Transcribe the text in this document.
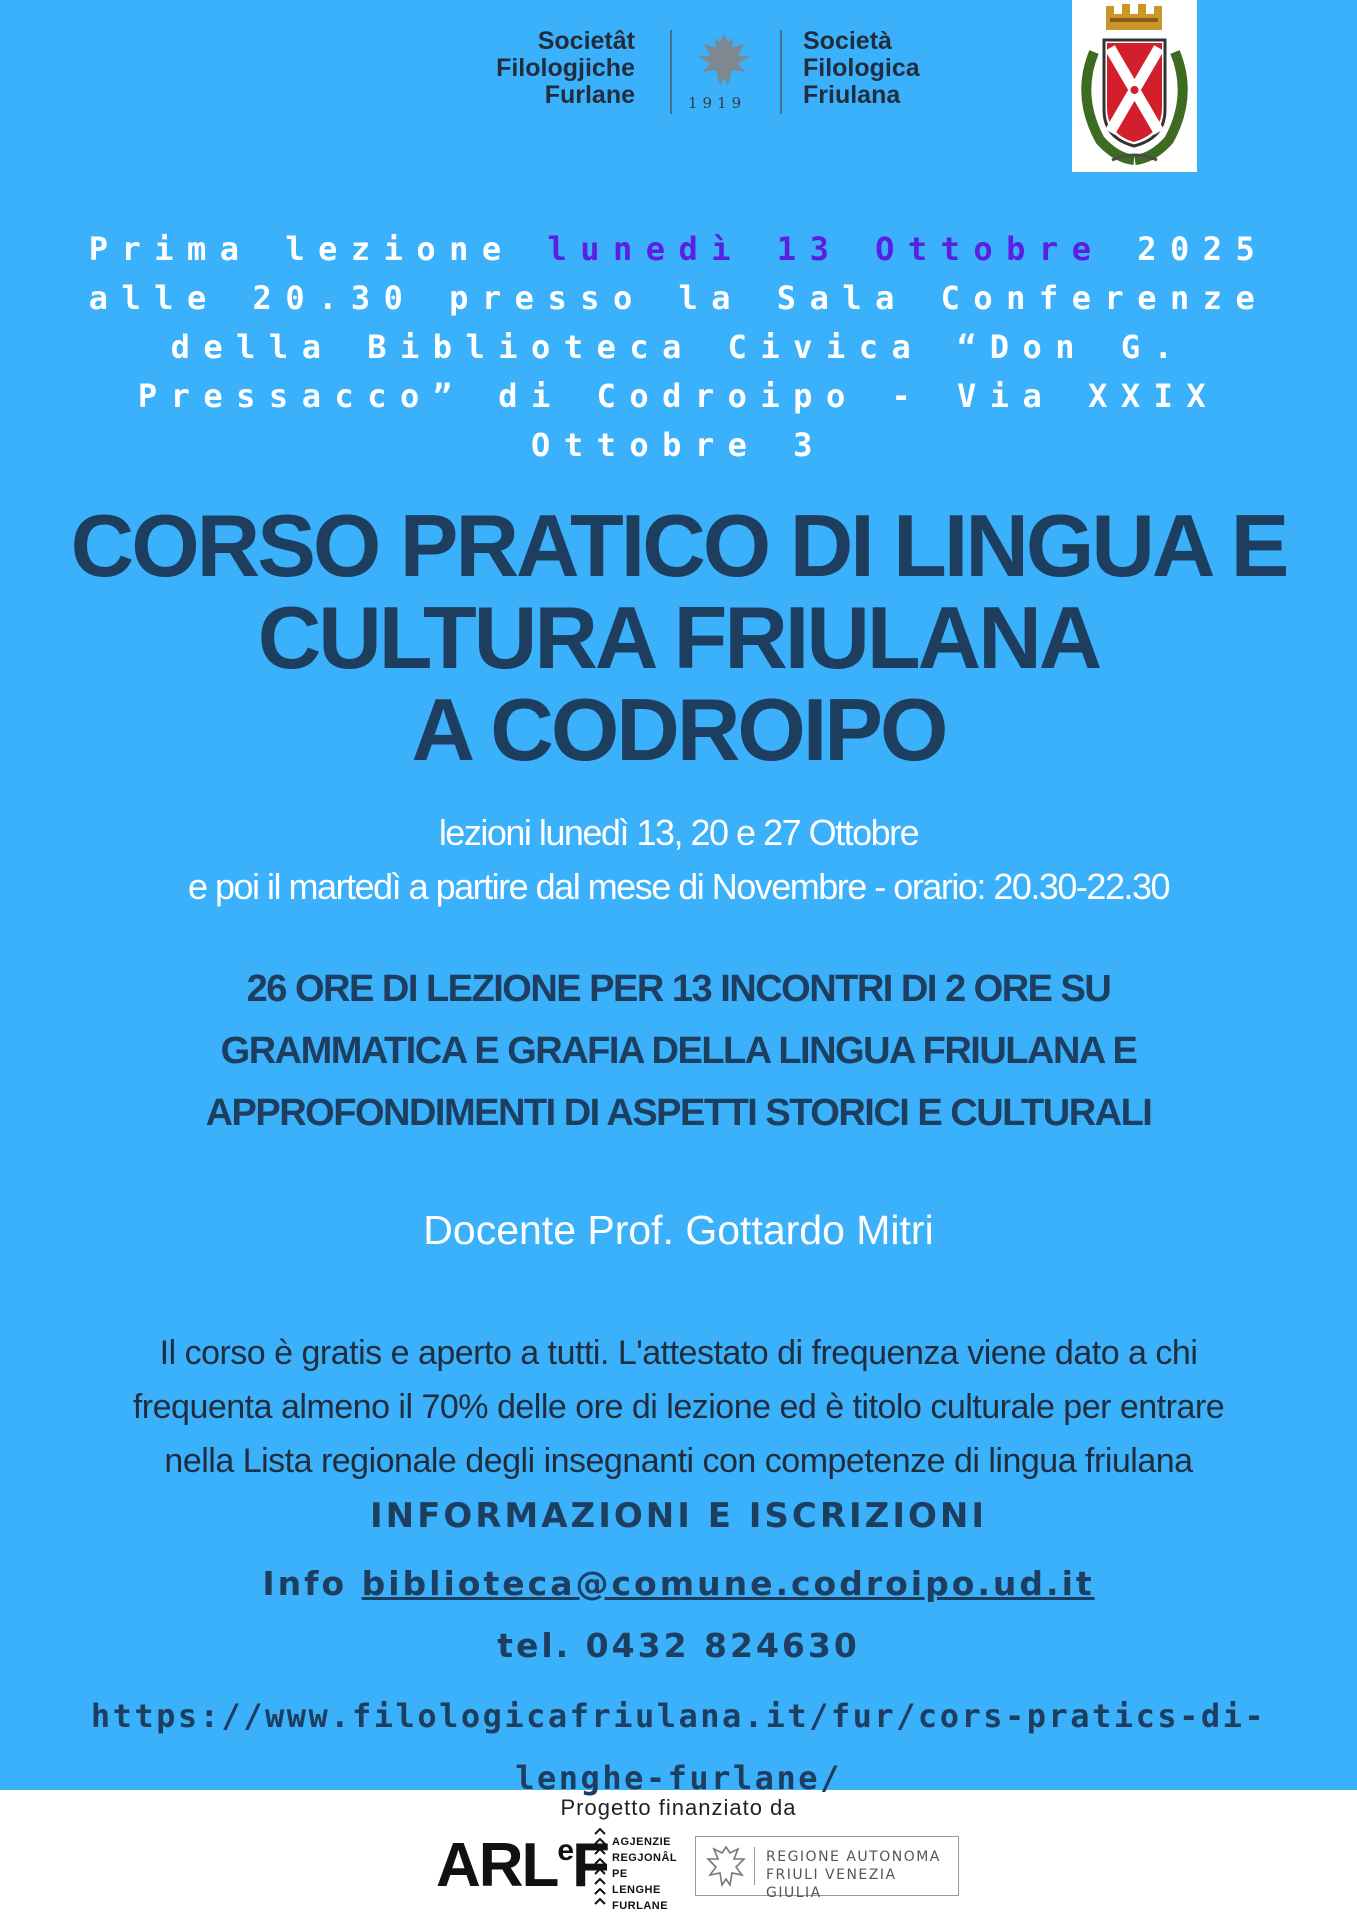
Societât
Filologjiche
Furlane	1919
Società
Filologica
Friulana
Prima lezione lunedì 13 Ottobre 2025 alle 20.30 presso la Sala Conferenze della Biblioteca Civica “Don G. Pressacco” di Codroipo - Via XXIX Ottobre 3
CORSO PRATICO DI LINGUA E
CULTURA FRIULANA
A CODROIPO
lezioni lunedì 13, 20 e 27 Ottobre
e poi il martedì a partire dal mese di Novembre - orario: 20.30-22.30
26 ORE DI LEZIONE PER 13 INCONTRI DI 2 ORE SU
GRAMMATICA E GRAFIA DELLA LINGUA FRIULANA E
APPROFONDIMENTI DI ASPETTI STORICI E CULTURALI
Docente Prof. Gottardo Mitri
Il corso è gratis e aperto a tutti. L'attestato di frequenza viene dato a chi
frequenta almeno il 70% delle ore di lezione ed è titolo culturale per entrare
nella Lista regionale degli insegnanti con competenze di lingua friulana
INFORMAZIONI E ISCRIZIONI
Info biblioteca@comune.codroipo.ud.it
tel. 0432 824630
https://www.filologicafriulana.it/fur/cors-pratics-di-lenghe-furlane/
Progetto finanziato da
ARL$^e$F AGJENZIE
REGJONÂL
PE LENGHE
FURLANE
REGIONE AUTONOMA
FRIULI VENEZIA GIULIA
